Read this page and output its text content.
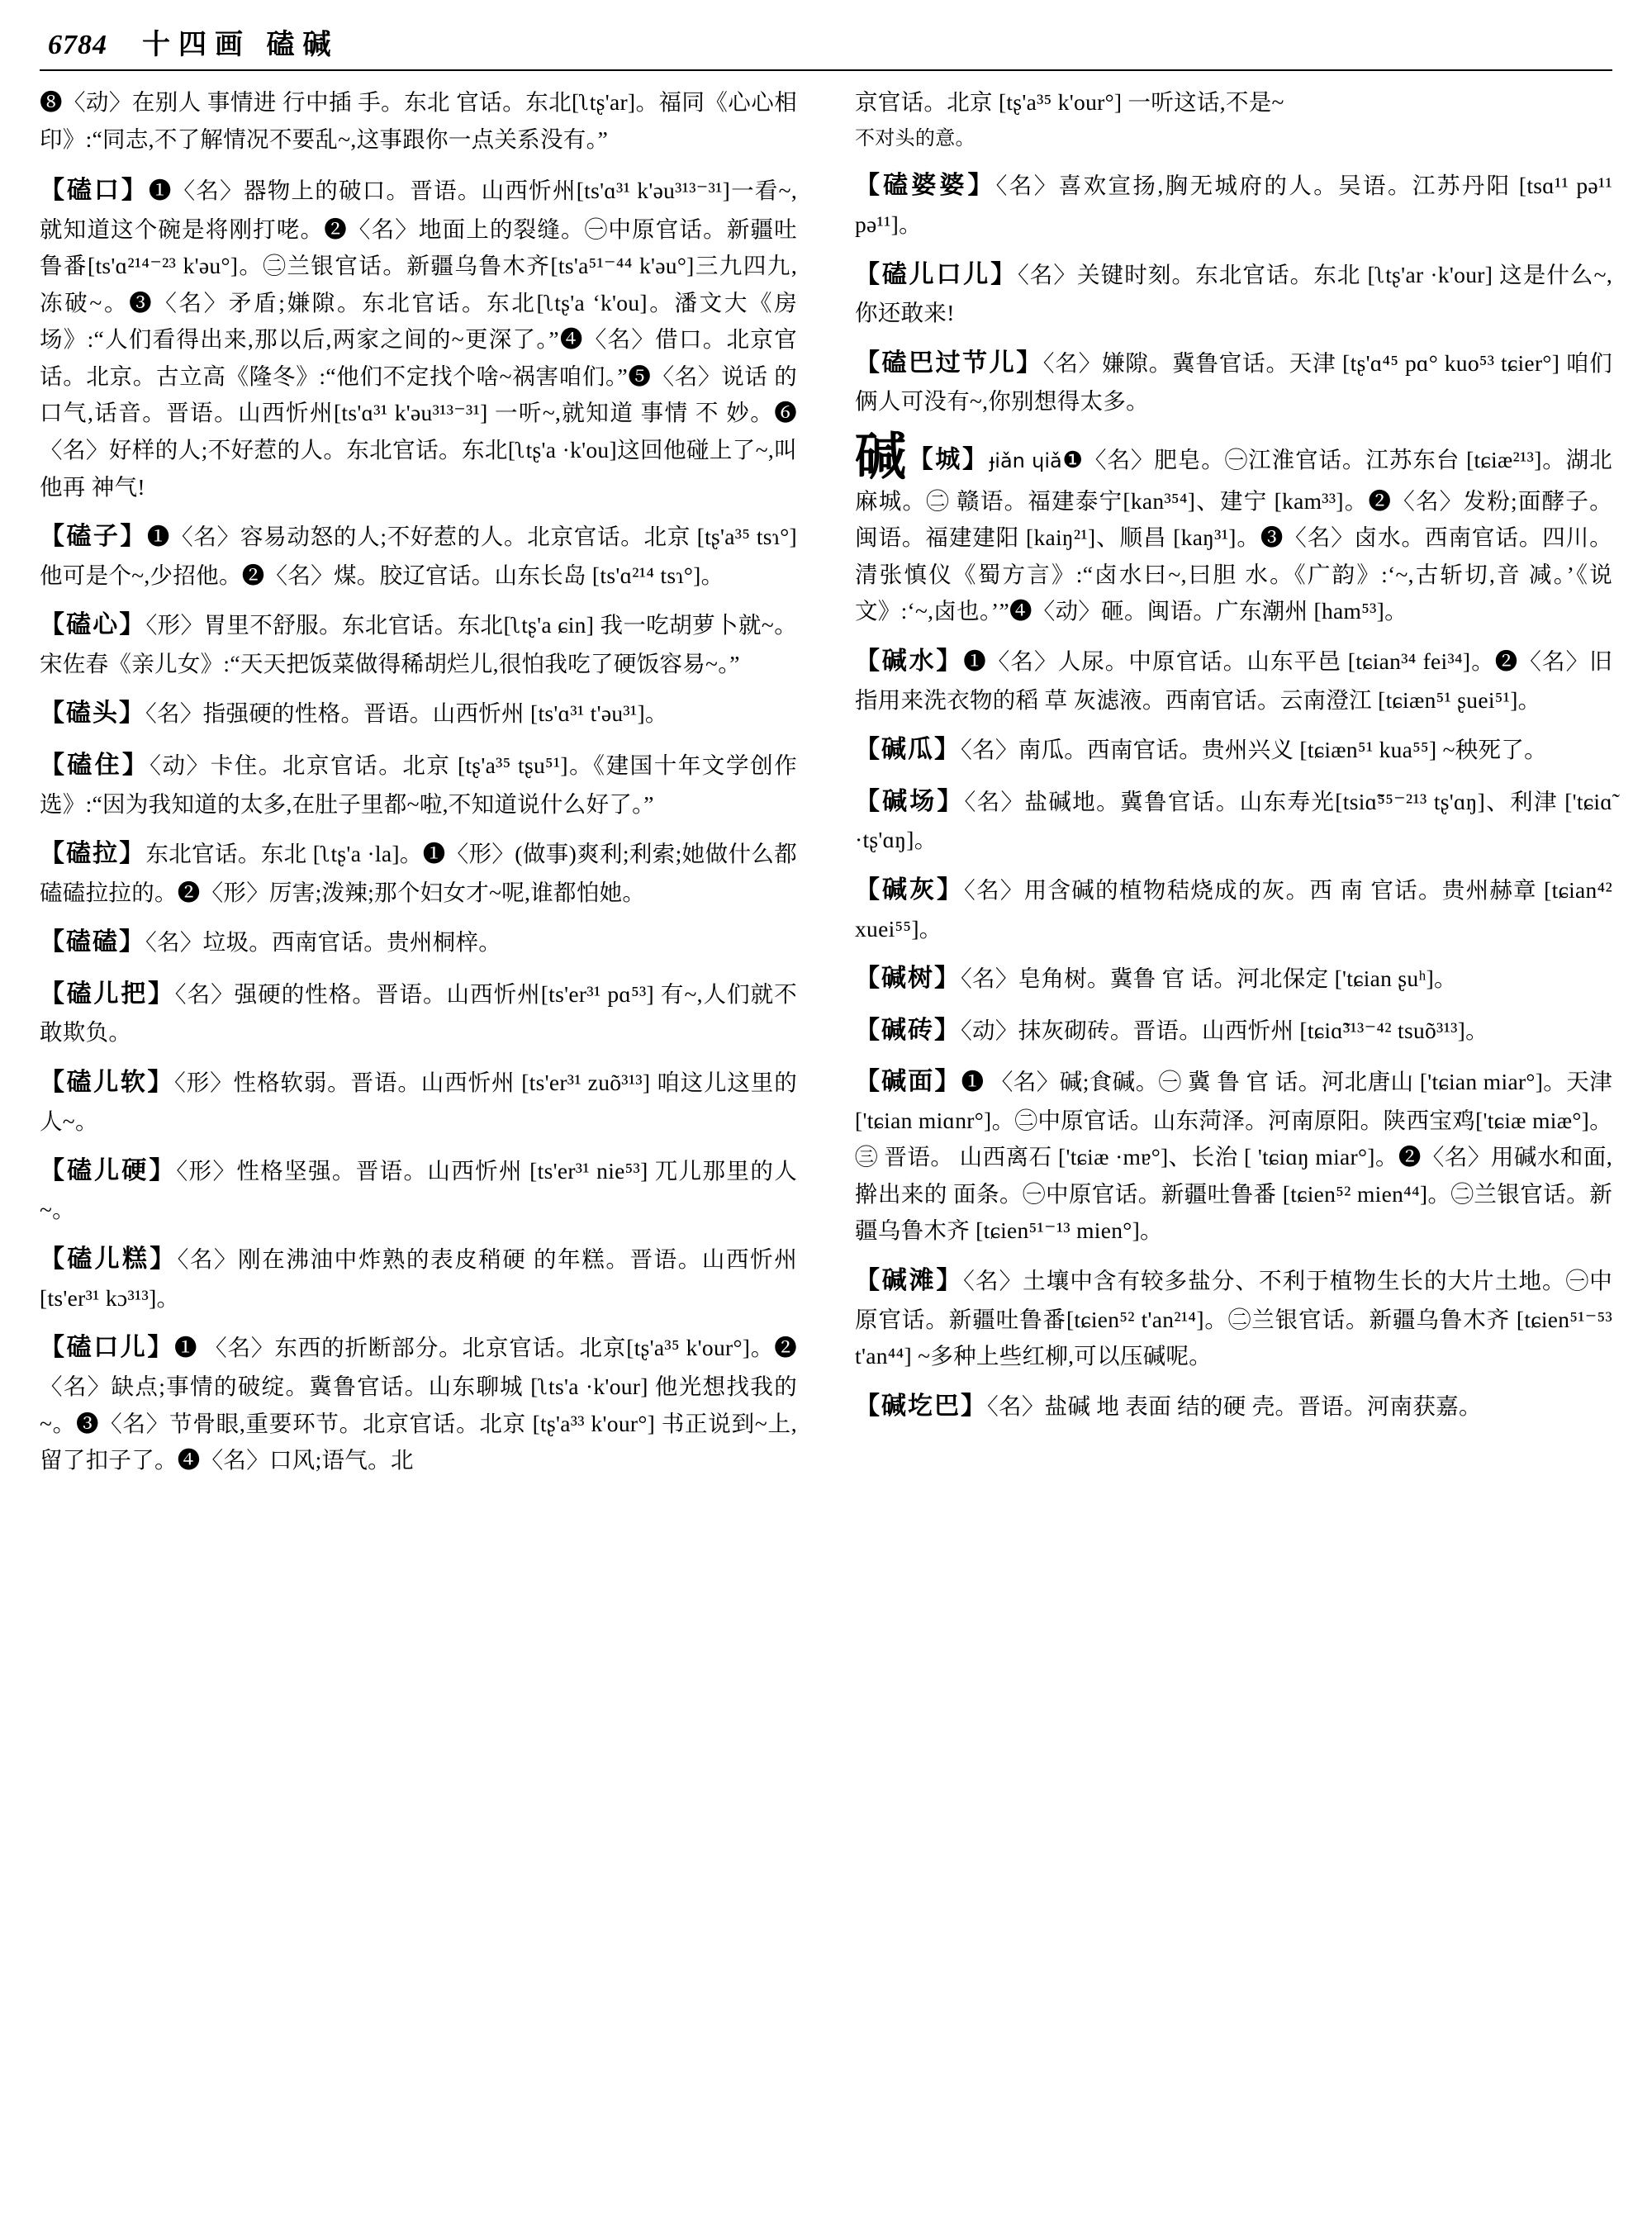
6784 十四画 磕碱
❽〈动〉在别人 事情进 行中插 手。东北 官话。东北[ʅtʂ'ar]。福同《心心相印》:“同志,不了解情况不要乱~,这事跟你一点关系没有。”
【磕口】❶〈名〉器物上的破口。晋语。山西忻州[ts'ɑ³¹ k'əu³¹³⁻³¹]一看~,就知道这个碗是将刚打咾。❷〈名〉地面上的裂缝。㊀中原官话。新疆吐鲁番[ts'ɑ²¹⁴⁻²³ k'əu°]。㊁兰银官话。新疆乌鲁木齐[ts'a⁵¹⁻⁴⁴ k'əu°]三九四九,冻破~。❸〈名〉矛盾;嫌隙。东北官话。东北[ʅtʂ'a ‘k'ou]。潘文大《房场》:“人们看得出来,那以后,两家之间的~更深了。”❹〈名〉借口。北京官话。北京。古立高《隆冬》:“他们不定找个啥~祸害咱们。”❺〈名〉说话 的 口气,话音。晋语。山西忻州[ts'ɑ³¹ k'əu³¹³⁻³¹] 一听~,就知道 事情 不 妙。❻〈名〉好样的人;不好惹的人。东北官话。东北[ʅtʂ'a ·k'ou]这回他碰上了~,叫他再 神气!
【磕子】❶〈名〉容易动怒的人;不好惹的人。北京官话。北京 [tʂ'a³⁵ tsɿ°] 他可是个~,少招他。❷〈名〉煤。胶辽官话。山东长岛 [ts'ɑ²¹⁴ tsɿ°]。
【磕心】〈形〉胃里不舒服。东北官话。东北[ʅtʂ'a ɕin] 我一吃胡萝卜就~。宋佐春《亲儿女》:“天天把饭菜做得稀胡烂儿,很怕我吃了硬饭容易~。”
【磕头】〈名〉指强硬的性格。晋语。山西忻州 [ts'ɑ³¹ t'əu³¹]。
【磕住】〈动〉卡住。北京官话。北京 [tʂ'a³⁵ tʂu⁵¹]。《建国十年文学创作选》:“因为我知道的太多,在肚子里都~啦,不知道说什么好了。”
【磕拉】东北官话。东北 [ʅtʂ'a ·la]。❶〈形〉(做事)爽利;利索;她做什么都磕磕拉拉的。❷〈形〉厉害;泼辣;那个妇女才~呢,谁都怕她。
【磕磕】〈名〉垃圾。西南官话。贵州桐梓。
【磕儿把】〈名〉强硬的性格。晋语。山西忻州[ts'er³¹ pɑ⁵³] 有~,人们就不敢欺负。
【磕儿软】〈形〉性格软弱。晋语。山西忻州 [ts'er³¹ zuõ³¹³] 咱这儿这里的人~。
【磕儿硬】〈形〉性格坚强。晋语。山西忻州 [ts'er³¹ nie⁵³] 兀儿那里的人~。
【磕儿糕】〈名〉刚在沸油中炸熟的表皮稍硬 的年糕。晋语。山西忻州 [ts'er³¹ kɔ³¹³]。
【磕口儿】❶ 〈名〉东西的折断部分。北京官话。北京[tʂ'a³⁵ k'our°]。❷〈名〉缺点;事情的破绽。冀鲁官话。山东聊城 [ʅts'a ·k'our] 他光想找我的~。❸〈名〉节骨眼,重要环节。北京官话。北京 [tʂ'a³³ k'our°] 书正说到~上,留了扣子了。❹〈名〉口风;语气。北
京官话。北京 [tʂ'a³⁵ k'our°] 一听这话,不是~
不对头的意。
【磕婆婆】〈名〉喜欢宣扬,胸无城府的人。吴语。江苏丹阳 [tsɑ¹¹ pə¹¹ pə¹¹]。
【磕儿口儿】〈名〉关键时刻。东北官话。东北 [ʅtʂ'ar ·k'our] 这是什么~,你还敢来!
【磕巴过节儿】〈名〉嫌隙。冀鲁官话。天津 [tʂ'ɑ⁴⁵ pɑ° kuo⁵³ tɕier°] 咱们俩人可没有~,你别想得太多。
碱【城】ɟiǎn ɥiǎ❶〈名〉肥皂。㊀江淮官话。江苏东台 [tɕiæ²¹³]。湖北麻城。㊁ 赣语。福建泰宁[kan³⁵⁴]、建宁 [kam³³]。❷〈名〉发粉;面酵子。闽语。福建建阳 [kaiŋ²¹]、顺昌 [kaŋ³¹]。❸〈名〉卤水。西南官话。四川。清张慎仪《蜀方言》:“卤水曰~,曰胆 水。《广韵》:‘~,古斩切,音 减。’《说文》:‘~,卤也。’”❹〈动〉砸。闽语。广东潮州 [ham⁵³]。
【碱水】❶〈名〉人尿。中原官话。山东平邑 [tɕian³⁴ fei³⁴]。❷〈名〉旧指用来洗衣物的稻 草 灰滤液。西南官话。云南澄江 [tɕiæn⁵¹ ʂuei⁵¹]。
【碱瓜】〈名〉南瓜。西南官话。贵州兴义 [tɕiæn⁵¹ kua⁵⁵] ~秧死了。
【碱场】〈名〉盐碱地。冀鲁官话。山东寿光[tsiɑ̃⁵⁵⁻²¹³ tʂ'ɑŋ]、利津 ['tɕiɑ̃ ·tʂ'ɑŋ]。
【碱灰】〈名〉用含碱的植物秸烧成的灰。西 南 官话。贵州赫章 [tɕian⁴² xuei⁵⁵]。
【碱树】〈名〉皂角树。冀鲁 官 话。河北保定 ['tɕian ʂuʰ]。
【碱砖】〈动〉抹灰砌砖。晋语。山西忻州 [tɕiɑ̃³¹³⁻⁴² tsuõ³¹³]。
【碱面】❶ 〈名〉碱;食碱。㊀ 冀 鲁 官 话。河北唐山 ['tɕian miar°]。天津 ['tɕian miɑnr°]。㊁中原官话。山东菏泽。河南原阳。陕西宝鸡['tɕiæ miæ°]。㊂ 晋语。 山西离石 ['tɕiæ ·mɐ°]、长治 [ 'tɕiɑŋ miar°]。❷〈名〉用碱水和面,擀出来的 面条。㊀中原官话。新疆吐鲁番 [tɕien⁵² mien⁴⁴]。㊁兰银官话。新疆乌鲁木齐 [tɕien⁵¹⁻¹³ mien°]。
【碱滩】〈名〉土壤中含有较多盐分、不利于植物生长的大片土地。㊀中原官话。新疆吐鲁番[tɕien⁵² t'an²¹⁴]。㊁兰银官话。新疆乌鲁木齐 [tɕien⁵¹⁻⁵³ t'an⁴⁴] ~多种上些红柳,可以压碱呢。
【碱圪巴】〈名〉盐碱 地 表面 结的硬 壳。晋语。河南获嘉。
